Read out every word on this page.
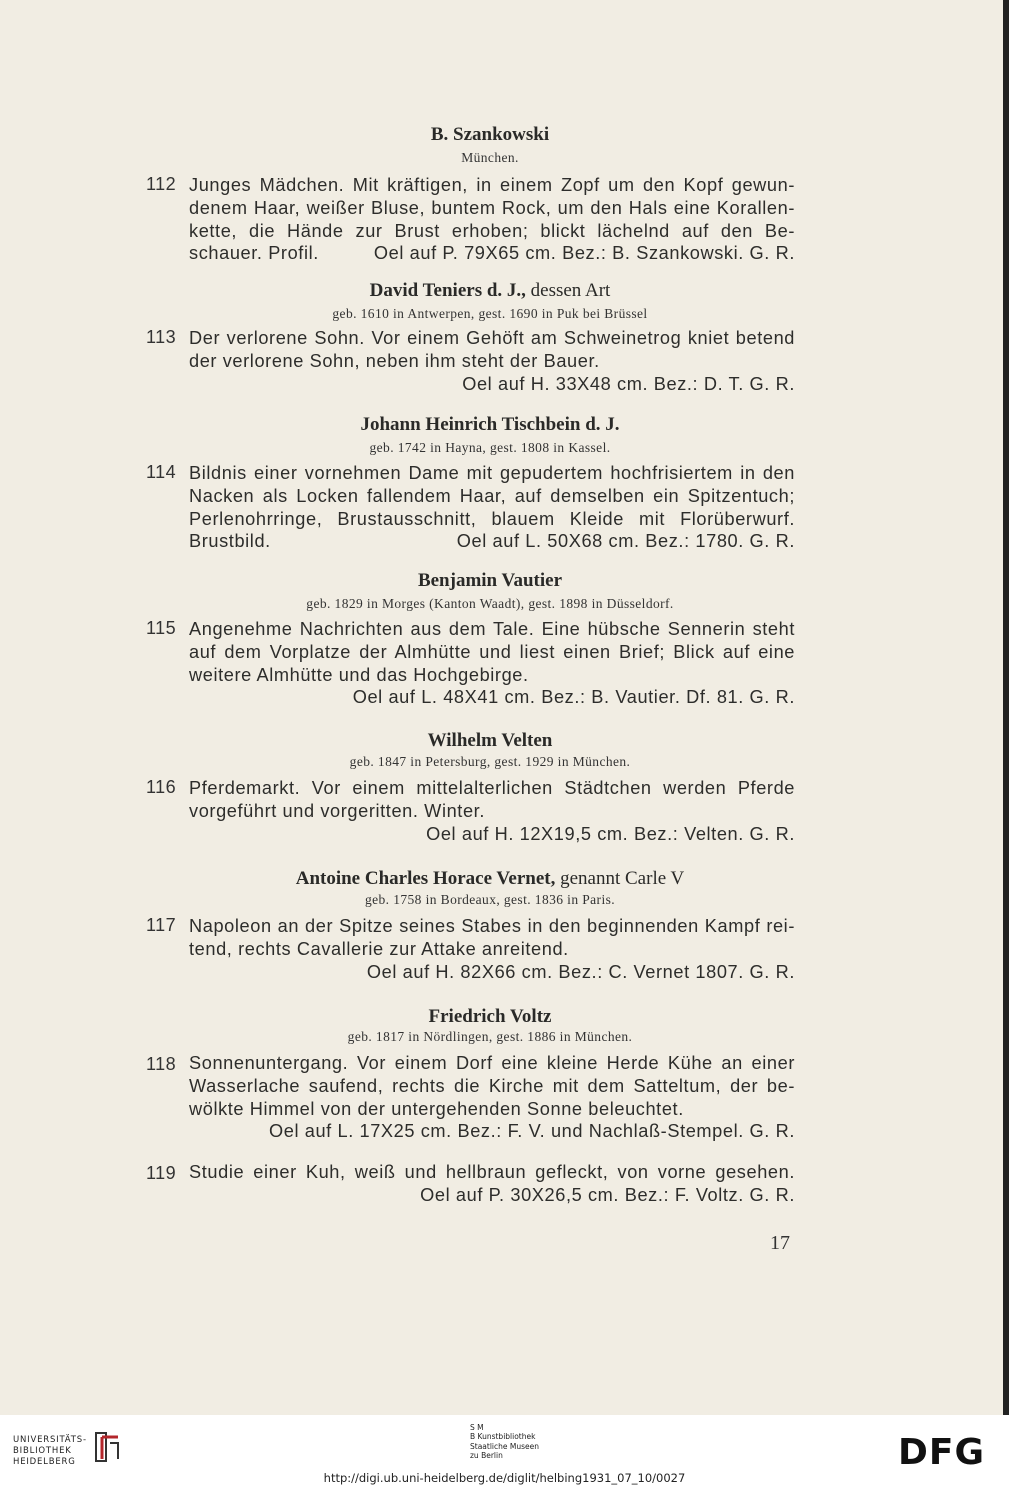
B. Szankowski
München.
112 Junges Mädchen. Mit kräftigen, in einem Zopf um den Kopf gewun-
denem Haar, weißer Bluse, buntem Rock, um den Hals eine Korallen-
kette, die Hände zur Brust erhoben; blickt lächelnd auf den Be-
schauer. Profil.	Oel auf P. 79X65 cm. Bez.: B. Szankowski. G. R.
David Teniers d. J., dessen Art
geb. 1610 in Antwerpen, gest. 1690 in Puk bei Brüssel
113 Der verlorene Sohn. Vor einem Gehöft am Schweinetrog kniet betend
der verlorene Sohn, neben ihm steht der Bauer.
Oel auf H. 33X48 cm. Bez.: D. T. G. R.
Johann Heinrich Tischbein d. J.
geb. 1742 in Hayna, gest. 1808 in Kassel.
114 Bildnis einer vornehmen Dame mit gepudertem hochfrisiertem in den
Nacken als Locken fallendem Haar, auf demselben ein Spitzentuch;
Perlenohrringe, Brustausschnitt, blauem Kleide mit Florüberwurf.
Brustbild.	Oel auf L. 50X68 cm. Bez.: 1780. G. R.
Benjamin Vautier
geb. 1829 in Morges (Kanton Waadt), gest. 1898 in Düsseldorf.
115 Angenehme Nachrichten aus dem Tale. Eine hübsche Sennerin steht
auf dem Vorplatze der Almhütte und liest einen Brief; Blick auf eine
weitere Almhütte und das Hochgebirge.
Oel auf L. 48X41 cm. Bez.: B. Vautier. Df. 81. G. R.
Wilhelm Velten
geb. 1847 in Petersburg, gest. 1929 in München.
116 Pferdemarkt. Vor einem mittelalterlichen Städtchen werden Pferde
vorgeführt und vorgeritten. Winter.
Oel auf H. 12X19,5 cm. Bez.: Velten. G. R.
Antoine Charles Horace Vernet, genannt Carle V
geb. 1758 in Bordeaux, gest. 1836 in Paris.
117 Napoleon an der Spitze seines Stabes in den beginnenden Kampf rei-
tend, rechts Cavallerie zur Attake anreitend.
Oel auf H. 82X66 cm. Bez.: C. Vernet 1807. G. R.
Friedrich Voltz
geb. 1817 in Nördlingen, gest. 1886 in München.
118 Sonnenuntergang. Vor einem Dorf eine kleine Herde Kühe an einer
Wasserlache saufend, rechts die Kirche mit dem Satteltum, der be-
wölkte Himmel von der untergehenden Sonne beleuchtet.
Oel auf L. 17X25 cm. Bez.: F. V. und Nachlaß-Stempel. G. R.
119 Studie einer Kuh, weiß und hellbraun gefleckt, von vorne gesehen.
Oel auf P. 30X26,5 cm. Bez.: F. Voltz. G. R.
17
UNIVERSITÄTS-
BIBLIOTHEK
HEIDELBERG
S M
B Kunstbibliothek
Staatliche Museen
zu Berlin	DFG
http://digi.ub.uni-heidelberg.de/diglit/helbing1931_07_10/0027
